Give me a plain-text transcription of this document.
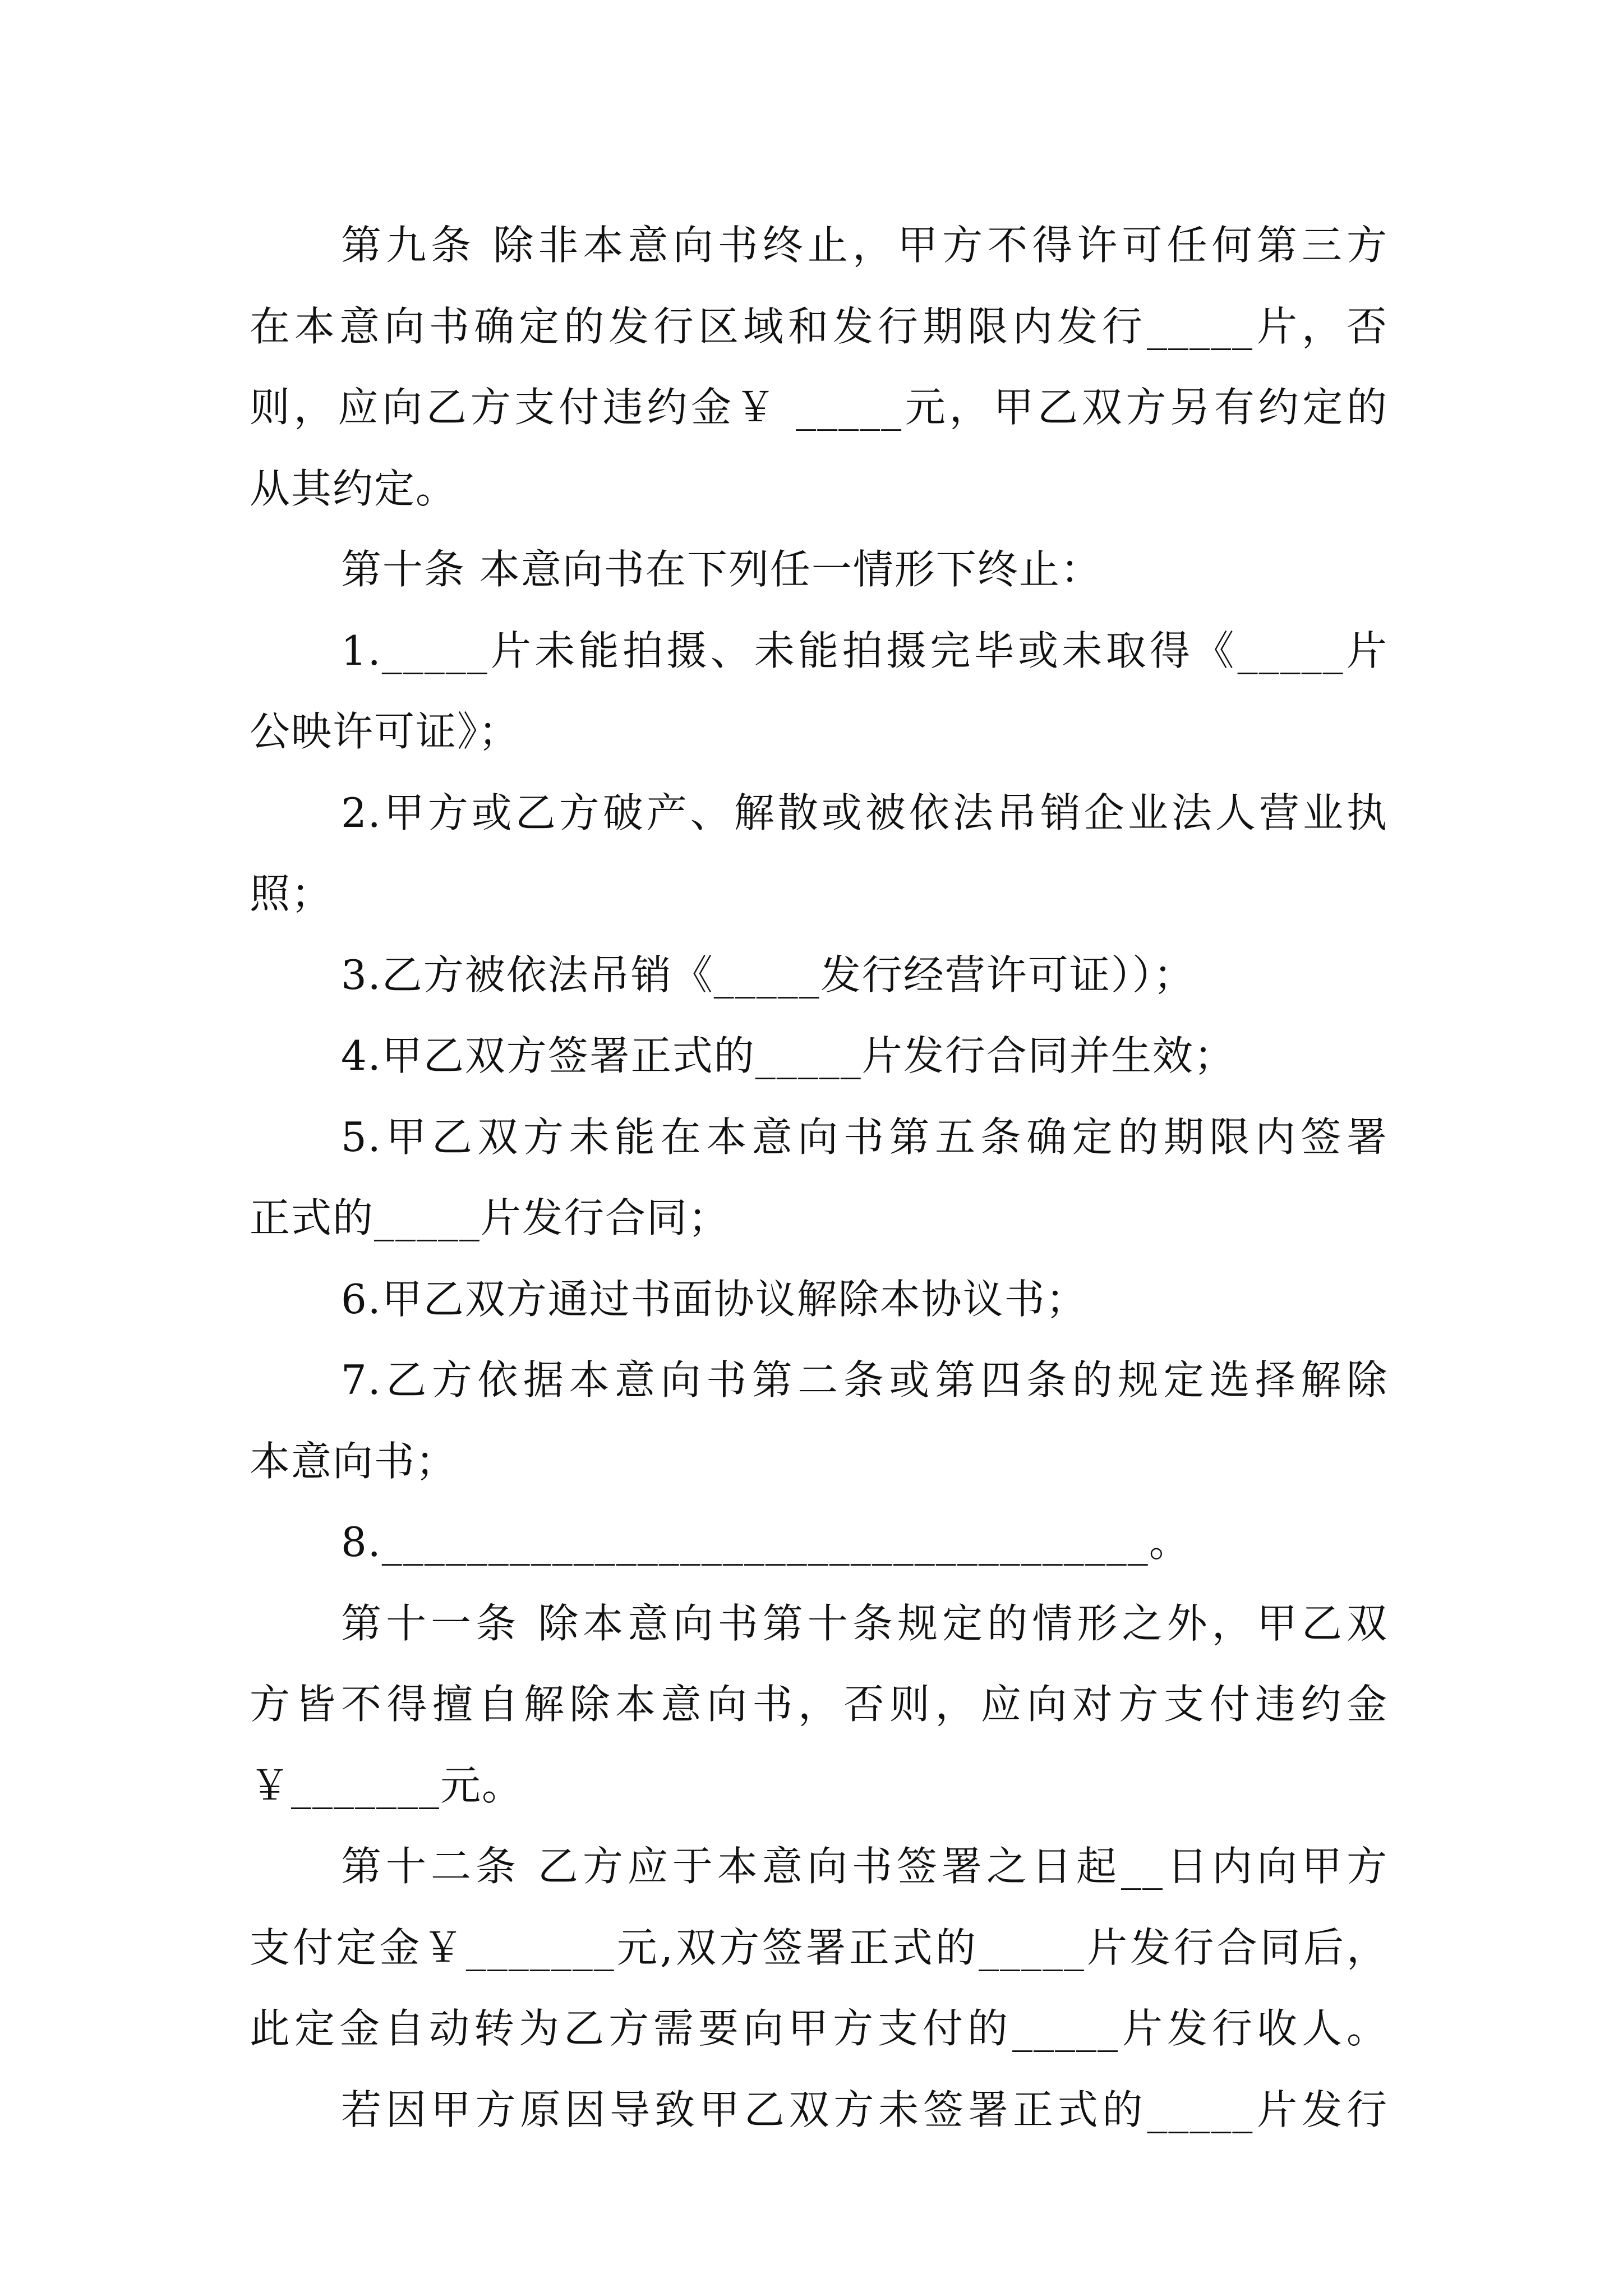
第九条 除非本意向书终止，甲方不得许可任何第三方
在本意向书确定的发行区域和发行期限内发行_____片，否
则，应向乙方支付违约金￥ _____元，甲乙双方另有约定的
从其约定。
第十条 本意向书在下列任一情形下终止：
1._____片未能拍摄、未能拍摄完毕或未取得《_____片
公映许可证》；
2.甲方或乙方破产、解散或被依法吊销企业法人营业执
照；
3.乙方被依法吊销《_____发行经营许可证））；
4.甲乙双方签署正式的_____片发行合同并生效；
5.甲乙双方未能在本意向书第五条确定的期限内签署
正式的_____片发行合同；
6.甲乙双方通过书面协议解除本协议书；
7.乙方依据本意向书第二条或第四条的规定选择解除
本意向书；
8.____________________________________。
第十一条 除本意向书第十条规定的情形之外，甲乙双
方皆不得擅自解除本意向书，否则，应向对方支付违约金
￥_______元。
第十二条 乙方应于本意向书签署之日起__日内向甲方
支付定金￥_______元,双方签署正式的_____片发行合同后，
此定金自动转为乙方需要向甲方支付的_____片发行收人。
若因甲方原因导致甲乙双方未签署正式的_____片发行
